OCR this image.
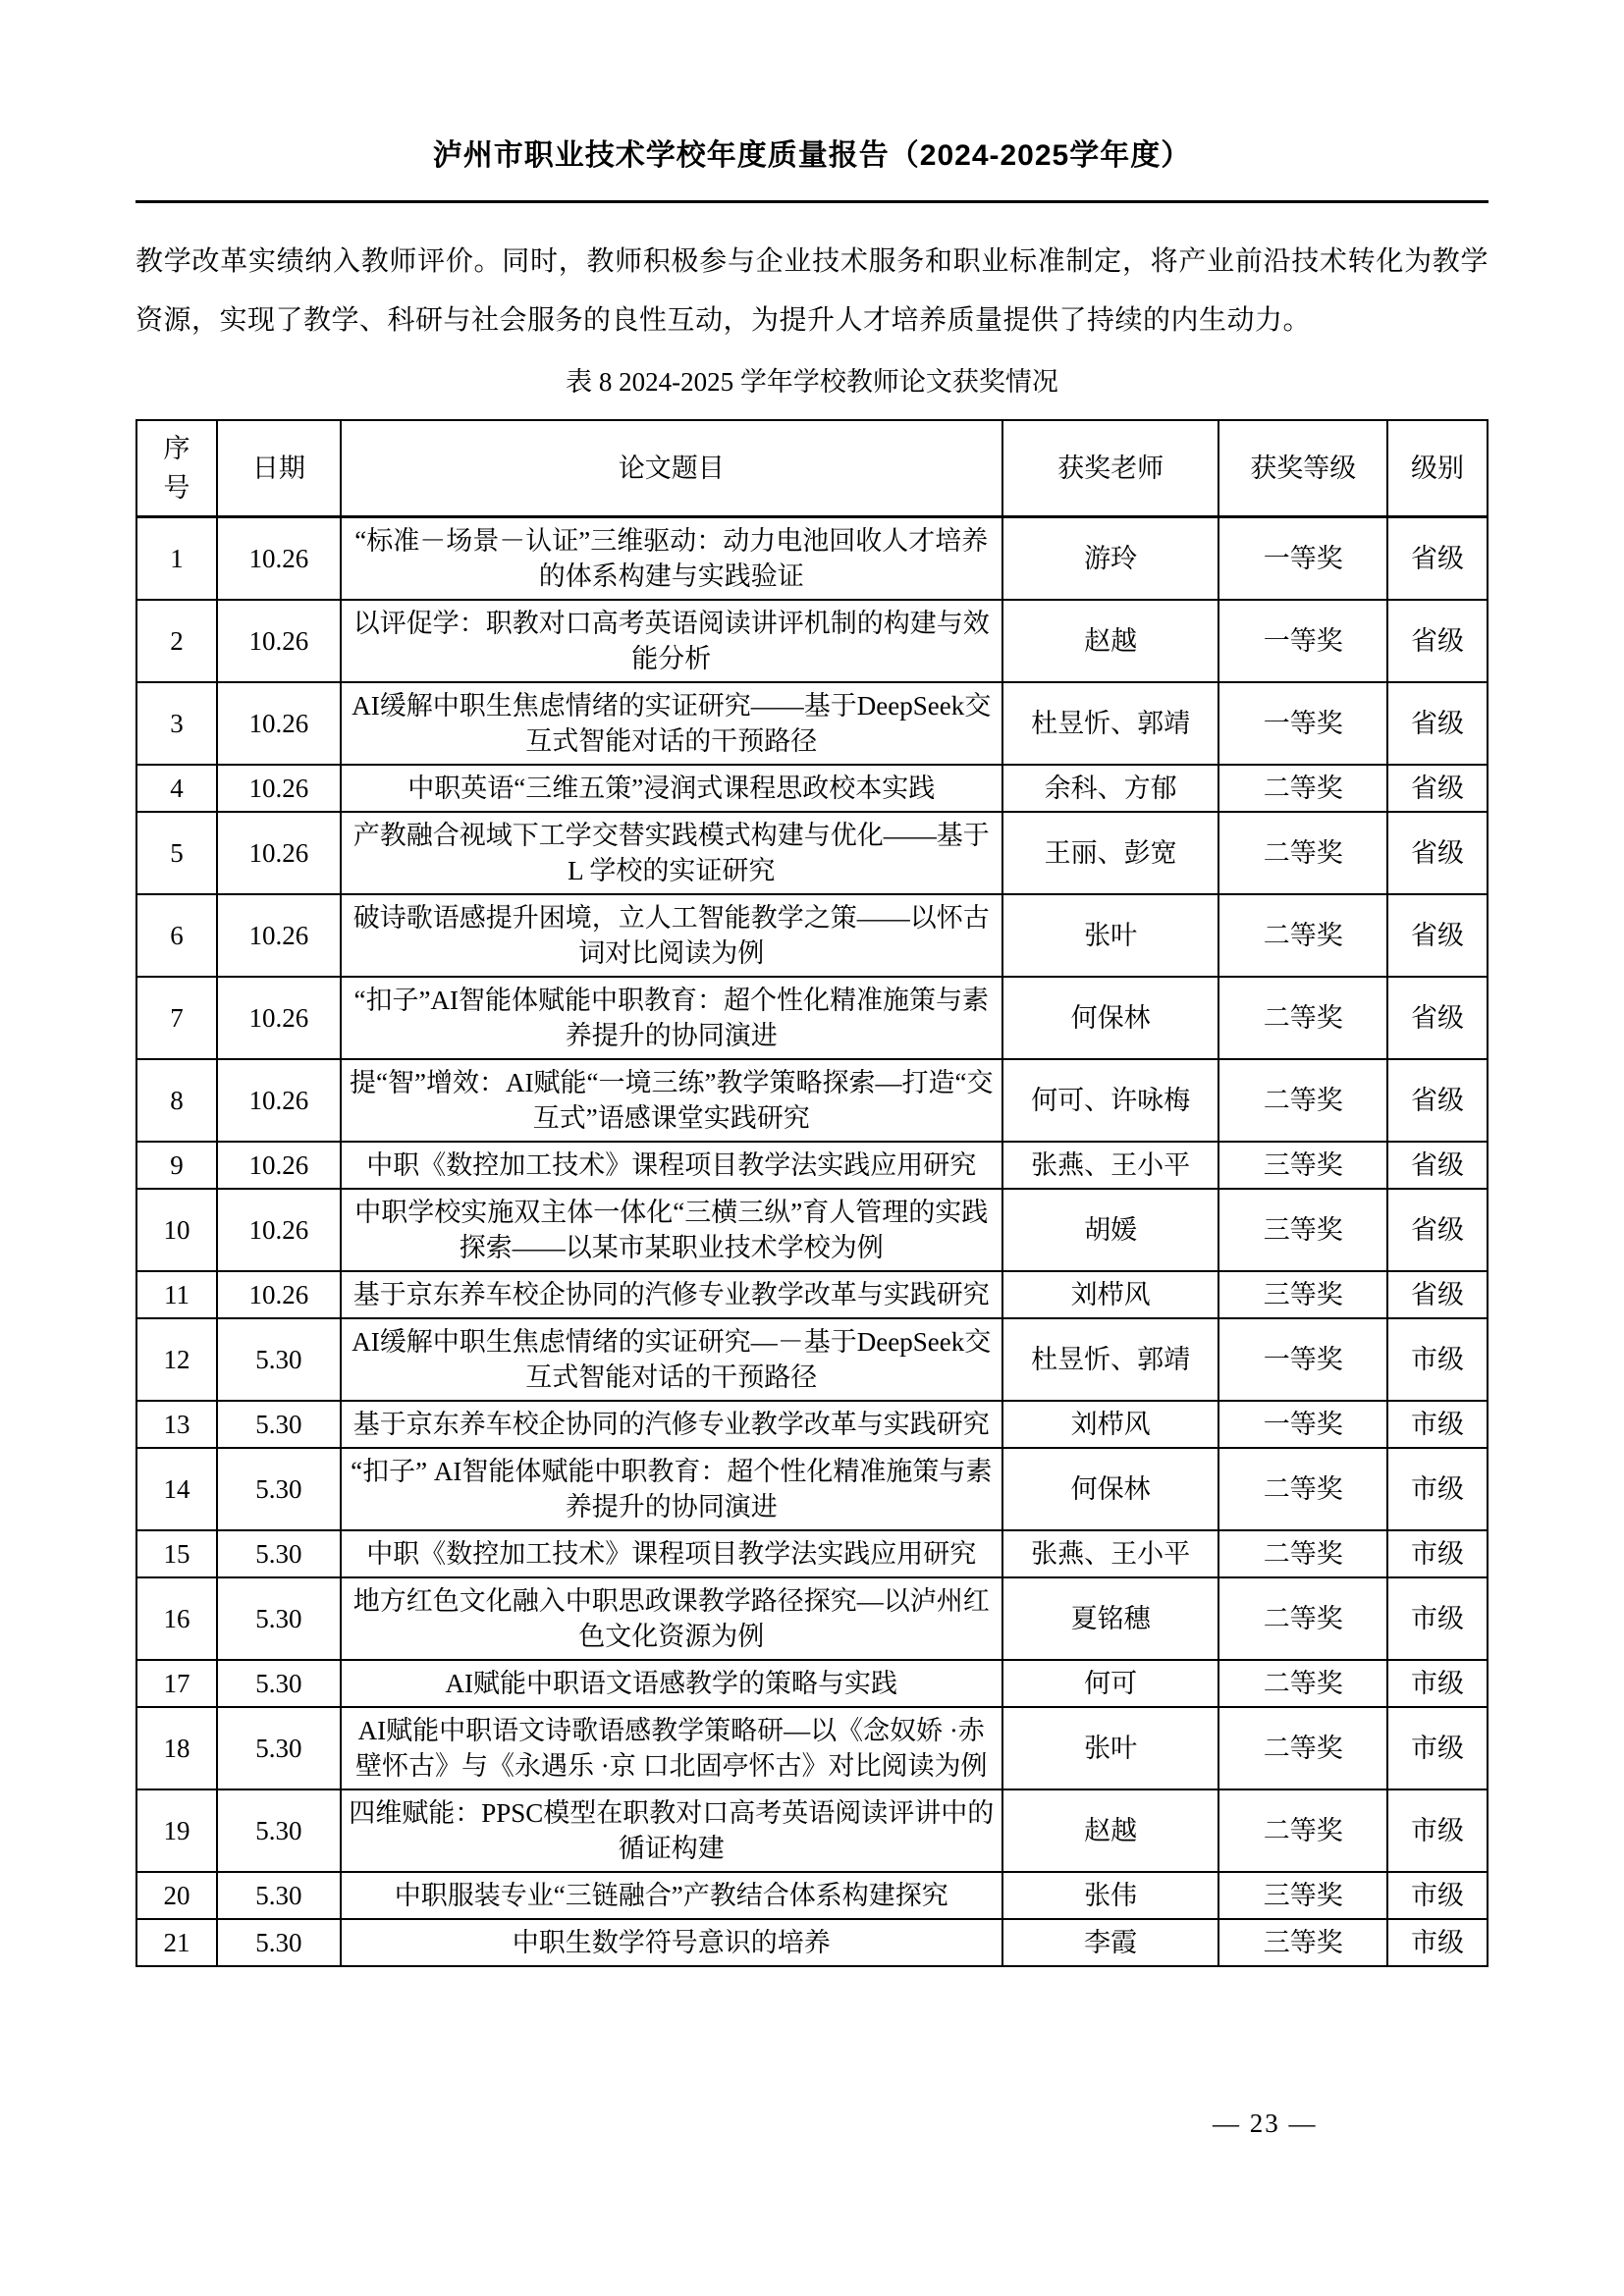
泸州市职业技术学校年度质量报告（2024-2025学年度）

教学改革实绩纳入教师评价。同时，教师积极参与企业技术服务和职业标准制定，将产业前沿技术转化为教学资源，实现了教学、科研与社会服务的良性互动，为提升人才培养质量提供了持续的内生动力。

表 8 2024-2025 学年学校教师论文获奖情况
序号	日期	论文题目	获奖老师	获奖等级	级别
1	10.26	“标准－场景－认证”三维驱动：动力电池回收人才培养的体系构建与实践验证	游玲	一等奖	省级
2	10.26	以评促学：职教对口高考英语阅读讲评机制的构建与效能分析	赵越	一等奖	省级
3	10.26	AI缓解中职生焦虑情绪的实证研究——基于DeepSeek交互式智能对话的干预路径	杜昱忻、郭靖	一等奖	省级
4	10.26	中职英语“三维五策”浸润式课程思政校本实践	余科、方郁	二等奖	省级
5	10.26	产教融合视域下工学交替实践模式构建与优化——基于 L 学校的实证研究	王丽、彭宽	二等奖	省级
6	10.26	破诗歌语感提升困境，立人工智能教学之策——以怀古词对比阅读为例	张叶	二等奖	省级
7	10.26	“扣子”AI智能体赋能中职教育：超个性化精准施策与素养提升的协同演进	何保林	二等奖	省级
8	10.26	提“智”增效：AI赋能“一境三练”教学策略探索—打造“交互式”语感课堂实践研究	何可、许咏梅	二等奖	省级
9	10.26	中职《数控加工技术》课程项目教学法实践应用研究	张燕、王小平	三等奖	省级
10	10.26	中职学校实施双主体一体化“三横三纵”育人管理的实践探索——以某市某职业技术学校为例	胡媛	三等奖	省级
11	10.26	基于京东养车校企协同的汽修专业教学改革与实践研究	刘栉风	三等奖	省级
12	5.30	AI缓解中职生焦虑情绪的实证研究—－基于DeepSeek交互式智能对话的干预路径	杜昱忻、郭靖	一等奖	市级
13	5.30	基于京东养车校企协同的汽修专业教学改革与实践研究	刘栉风	一等奖	市级
14	5.30	“扣子” AI智能体赋能中职教育：超个性化精准施策与素养提升的协同演进	何保林	二等奖	市级
15	5.30	中职《数控加工技术》课程项目教学法实践应用研究	张燕、王小平	二等奖	市级
16	5.30	地方红色文化融入中职思政课教学路径探究—以泸州红色文化资源为例	夏铭穗	二等奖	市级
17	5.30	AI赋能中职语文语感教学的策略与实践	何可	二等奖	市级
18	5.30	AI赋能中职语文诗歌语感教学策略研—以《念奴娇 ·赤壁怀古》与《永遇乐 ·京 口北固亭怀古》对比阅读为例	张叶	二等奖	市级
19	5.30	四维赋能：PPSC模型在职教对口高考英语阅读评讲中的循证构建	赵越	二等奖	市级
20	5.30	中职服装专业“三链融合”产教结合体系构建探究	张伟	三等奖	市级
21	5.30	中职生数学符号意识的培养	李霞	三等奖	市级
— 23 —
